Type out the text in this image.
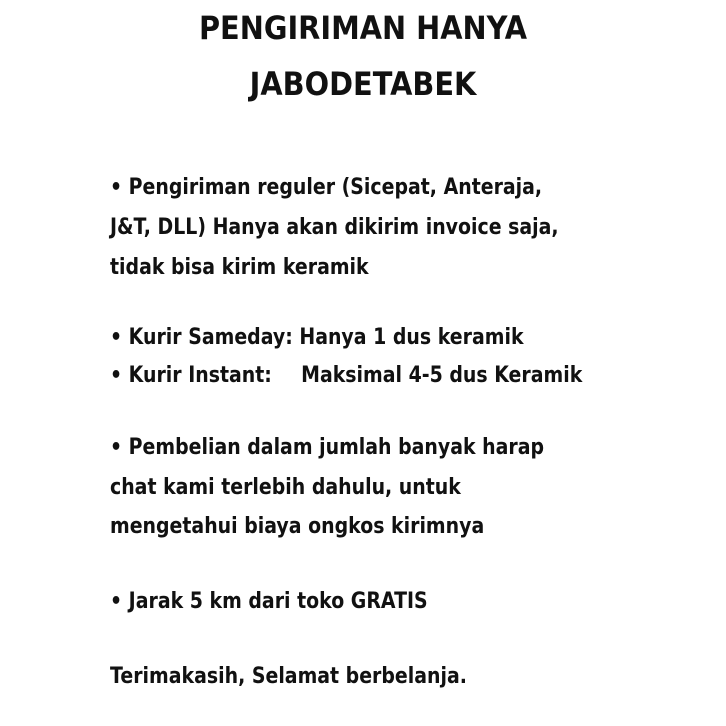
PENGIRIMAN HANYA
JABODETABEK
• Pengiriman reguler (Sicepat, Anteraja,
J&T, DLL) Hanya akan dikirim invoice saja,
tidak bisa kirim keramik
• Kurir Sameday: Hanya 1 dus keramik
• Kurir Instant: Maksimal 4-5 dus Keramik
• Pembelian dalam jumlah banyak harap
chat kami terlebih dahulu, untuk
mengetahui biaya ongkos kirimnya
• Jarak 5 km dari toko GRATIS
Terimakasih, Selamat berbelanja.
